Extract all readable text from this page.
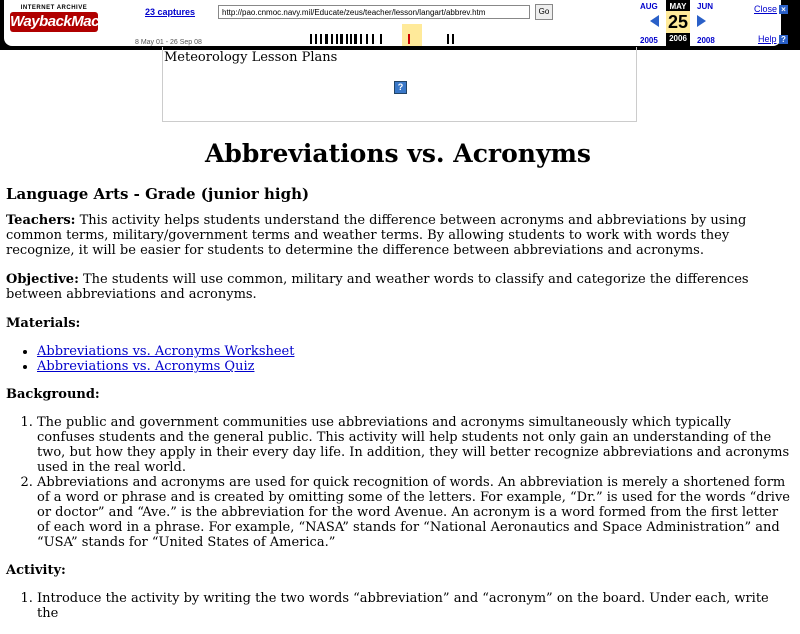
INTERNET ARCHIVE
WaybackMachine
23 captures
8 May 01 - 26 Sep 08
http://pao.cnmoc.navy.mil/Educate/zeus/teacher/lesson/langart/abbrev.htm	Go
AUG	JUN
2005	2008
MAY
25
2006
Close ×
Help ?
Meteorology Lesson Plans
?
Abbreviations vs. Acronyms
Language Arts - Grade (junior high)

Teachers: This activity helps students understand the difference between acronyms and abbreviations by using common terms, military/government terms and weather terms. By allowing students to work with words they recognize, it will be easier for students to determine the difference between abbreviations and acronyms.

Objective: The students will use common, military and weather words to classify and categorize the differences between abbreviations and acronyms.

Materials:
• Abbreviations vs. Acronyms Worksheet
• Abbreviations vs. Acronyms Quiz
Background:
1. The public and government communities use abbreviations and acronyms simultaneously which typically confuses students and the general public. This activity will help students not only gain an understanding of the two, but how they apply in their every day life. In addition, they will better recognize abbreviations and acronyms used in the real world.
2. Abbreviations and acronyms are used for quick recognition of words. An abbreviation is merely a shortened form of a word or phrase and is created by omitting some of the letters. For example, “Dr.” is used for the words “drive or doctor” and “Ave.” is the abbreviation for the word Avenue. An acronym is a word formed from the first letter of each word in a phrase. For example, “NASA” stands for “National Aeronautics and Space Administration” and “USA” stands for “United States of America.”
Activity:
1. Introduce the activity by writing the two words “abbreviation” and “acronym” on the board. Under each, write the
